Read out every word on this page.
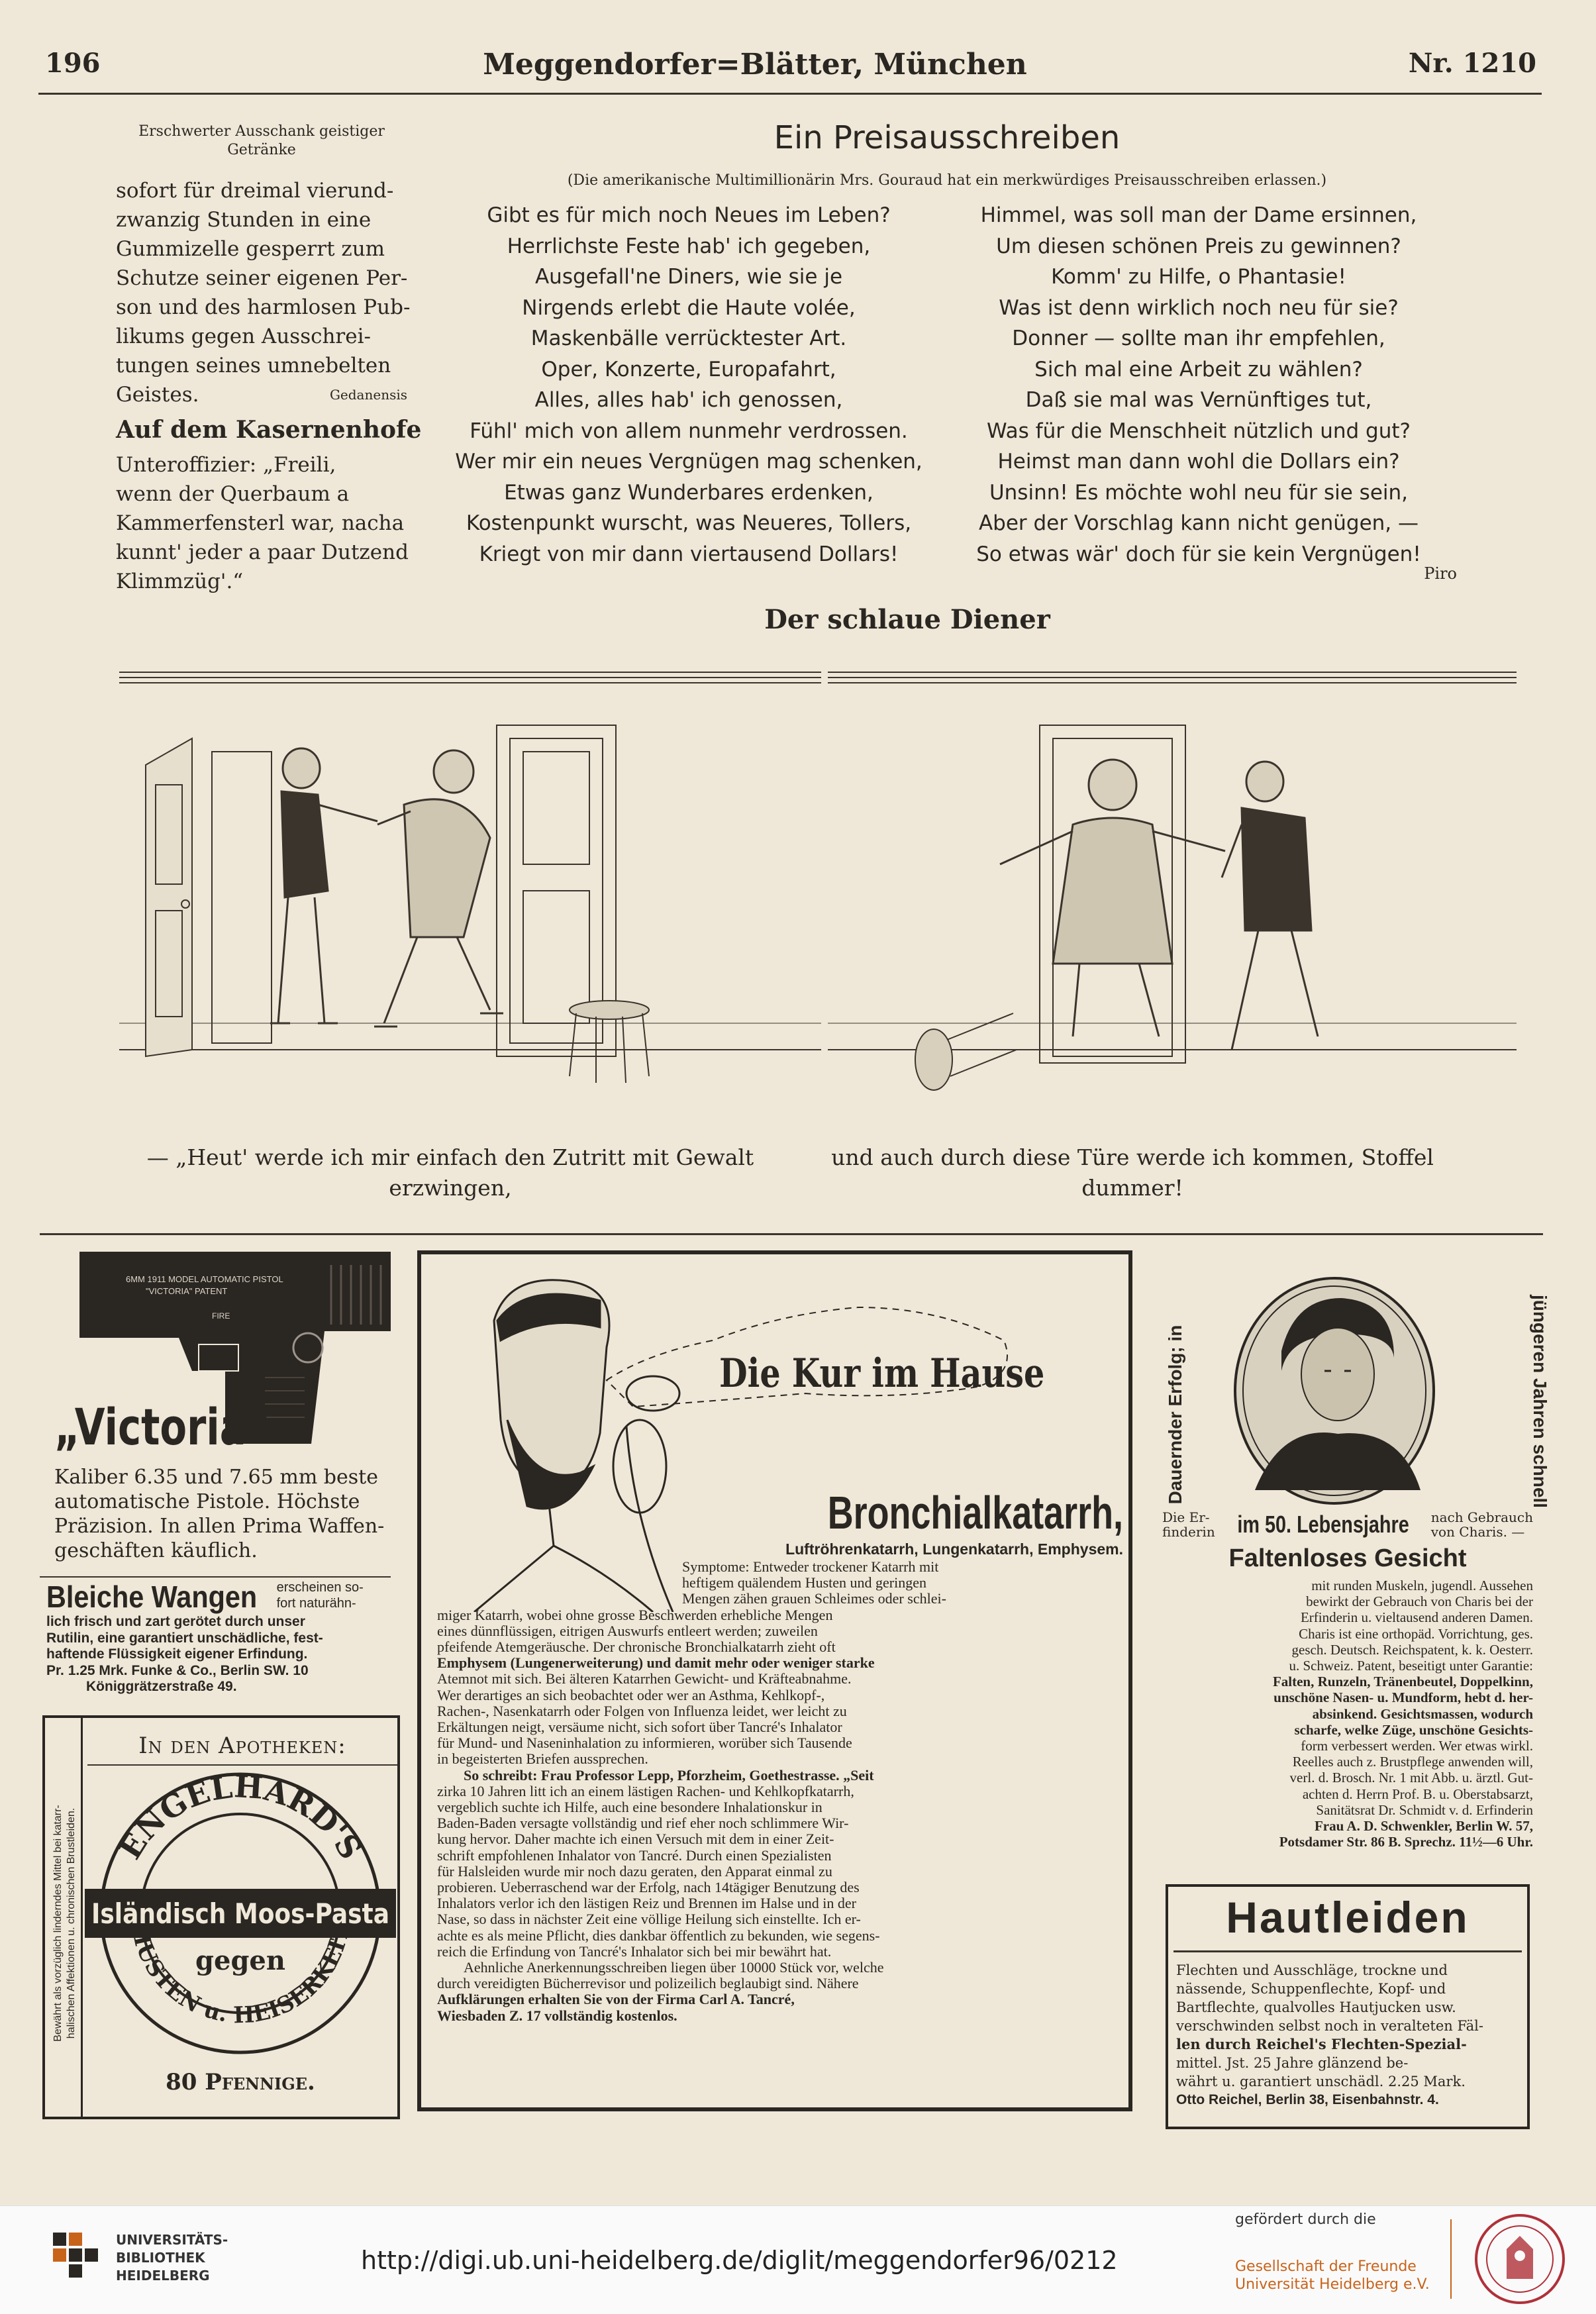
196	Meggendorfer=Blätter, München	Nr. 1210
Erschwerter Ausschank geistiger
Getränke
sofort für dreimal vierund-
zwanzig Stunden in eine
Gummizelle gesperrt zum
Schutze seiner eigenen Per-
son und des harmlosen Pub-
likums gegen Ausschrei-
tungen seines umnebelten
Geistes.	Gedanensis
Auf dem Kasernenhofe
Unteroffizier: „Freili,
wenn der Querbaum a
Kammerfensterl war, nacha
kunnt' jeder a paar Dutzend
Klimmzüg'.“
Ein Preisausschreiben
(Die amerikanische Multimillionärin Mrs. Gouraud hat ein merkwürdiges Preisausschreiben erlassen.)
Gibt es für mich noch Neues im Leben?
Herrlichste Feste hab' ich gegeben,
Ausgefall'ne Diners, wie sie je
Nirgends erlebt die Haute volée,
Maskenbälle verrücktester Art.
Oper, Konzerte, Europafahrt,
Alles, alles hab' ich genossen,
Fühl' mich von allem nunmehr verdrossen.
Wer mir ein neues Vergnügen mag schenken,
Etwas ganz Wunderbares erdenken,
Kostenpunkt wurscht, was Neueres, Tollers,
Kriegt von mir dann viertausend Dollars!
Himmel, was soll man der Dame ersinnen,
Um diesen schönen Preis zu gewinnen?
Komm' zu Hilfe, o Phantasie!
Was ist denn wirklich noch neu für sie?
Donner — sollte man ihr empfehlen,
Sich mal eine Arbeit zu wählen?
Daß sie mal was Vernünftiges tut,
Was für die Menschheit nützlich und gut?
Heimst man dann wohl die Dollars ein?
Unsinn! Es möchte wohl neu für sie sein,
Aber der Vorschlag kann nicht genügen, —
So etwas wär' doch für sie kein Vergnügen!
Piro
Der schlaue Diener
— „Heut' werde ich mir einfach den Zutritt mit Gewalt
erzwingen,
und auch durch diese Türe werde ich kommen, Stoffel
dummer!
6MM 1911 MODEL AUTOMATIC PISTOL
"VICTORIA" PATENT
FIRE
„Victoria“
Kaliber 6.35 und 7.65 mm beste
automatische Pistole. Höchste
Präzision. In allen Prima Waffen-
geschäften käuflich.
Bleiche Wangen erscheinen so-
fort naturähn-
lich frisch und zart gerötet durch unser
Rutilin, eine garantiert unschädliche, fest-
haftende Flüssigkeit eigener Erfindung.
Pr. 1.25 Mrk. Funke & Co., Berlin SW. 10
Königgrätzerstraße 49.
Bewährt als vorzüglich linderndes Mittel bei katarr- halischen Affektionen u. chronischen Brustleiden.
In den Apotheken:
ENGELHARD'S
HUSTEN u. HEISERKEIT
Isländisch Moos-Pasta
gegen
80 Pfennige.
Die Kur im Hause
Bronchialkatarrh,
Luftröhrenkatarrh, Lungenkatarrh, Emphysem.
Symptome: Entweder trockener Katarrh mit
heftigem quälendem Husten und geringen
Mengen zähen grauen Schleimes oder schlei-
miger Katarrh, wobei ohne grosse Beschwerden erhebliche Mengen
eines dünnflüssigen, eitrigen Auswurfs entleert werden; zuweilen
pfeifende Atemgeräusche. Der chronische Bronchialkatarrh zieht oft
Emphysem (Lungenerweiterung) und damit mehr oder weniger starke
Atemnot mit sich. Bei älteren Katarrhen Gewicht- und Kräfteabnahme.
Wer derartiges an sich beobachtet oder wer an Asthma, Kehlkopf-,
Rachen-, Nasenkatarrh oder Folgen von Influenza leidet, wer leicht zu
Erkältungen neigt, versäume nicht, sich sofort über Tancré's Inhalator
für Mund- und Naseninhalation zu informieren, worüber sich Tausende
in begeisterten Briefen aussprechen.
So schreibt: Frau Professor Lepp, Pforzheim, Goethestrasse. „Seit
zirka 10 Jahren litt ich an einem lästigen Rachen- und Kehlkopfkatarrh,
vergeblich suchte ich Hilfe, auch eine besondere Inhalationskur in
Baden-Baden versagte vollständig und rief eher noch schlimmere Wir-
kung hervor. Daher machte ich einen Versuch mit dem in einer Zeit-
schrift empfohlenen Inhalator von Tancré. Durch einen Spezialisten
für Halsleiden wurde mir noch dazu geraten, den Apparat einmal zu
probieren. Ueberraschend war der Erfolg, nach 14tägiger Benutzung des
Inhalators verlor ich den lästigen Reiz und Brennen im Halse und in der
Nase, so dass in nächster Zeit eine völlige Heilung sich einstellte. Ich er-
achte es als meine Pflicht, dies dankbar öffentlich zu bekunden, wie segens-
reich die Erfindung von Tancré's Inhalator sich bei mir bewährt hat.
Aehnliche Anerkennungsschreiben liegen über 10000 Stück vor, welche
durch vereidigten Bücherrevisor und polizeilich beglaubigt sind. Nähere
Aufklärungen erhalten Sie von der Firma Carl A. Tancré,
Wiesbaden Z. 17 vollständig kostenlos.
Dauernder Erfolg; in	jüngeren Jahren schnell
Die Er-
finderin im 50. Lebensjahre nach Gebrauch
von Charis. —
Faltenloses Gesicht
mit runden Muskeln, jugendl. Aussehen
bewirkt der Gebrauch von Charis bei der
Erfinderin u. vieltausend anderen Damen.
Charis ist eine orthopäd. Vorrichtung, ges.
gesch. Deutsch. Reichspatent, k. k. Oesterr.
u. Schweiz. Patent, beseitigt unter Garantie:
Falten, Runzeln, Tränenbeutel, Doppelkinn,
unschöne Nasen- u. Mundform, hebt d. her-
absinkend. Gesichtsmassen, wodurch
scharfe, welke Züge, unschöne Gesichts-
form verbessert werden. Wer etwas wirkl.
Reelles auch z. Brustpflege anwenden will,
verl. d. Brosch. Nr. 1 mit Abb. u. ärztl. Gut-
achten d. Herrn Prof. B. u. Oberstabsarzt,
Sanitätsrat Dr. Schmidt v. d. Erfinderin
Frau A. D. Schwenkler, Berlin W. 57,
Potsdamer Str. 86 B. Sprechz. 11½—6 Uhr.
Hautleiden
Flechten und Ausschläge, trockne und
nässende, Schuppenflechte, Kopf- und
Bartflechte, qualvolles Hautjucken usw.
verschwinden selbst noch in veralteten Fäl-
len durch Reichel's Flechten-Spezial-
mittel. Jst. 25 Jahre glänzend be-
währt u. garantiert unschädl. 2.25 Mark.
Otto Reichel, Berlin 38, Eisenbahnstr. 4.
UNIVERSITÄTS-
BIBLIOTHEK
HEIDELBERG
http://digi.ub.uni-heidelberg.de/diglit/meggendorfer96/0212
gefördert durch die
Gesellschaft der Freunde
Universität Heidelberg e.V.
